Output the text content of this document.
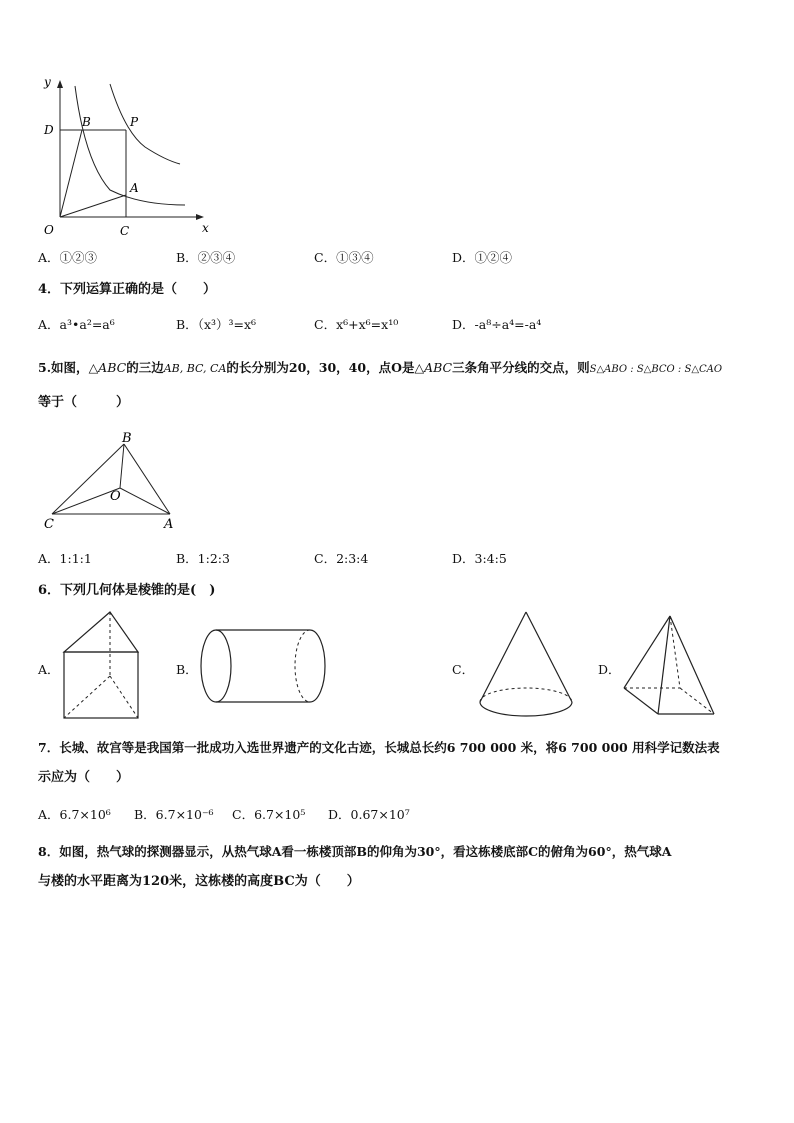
y
x
O
D
B	P
A
C
A．①②③	B．②③④	C．①③④	D．①②④
4．下列运算正确的是（　　）
A．a³•a²=a⁶	B．（x³）³=x⁶	C．x⁶+x⁶=x¹⁰	D．-a⁸÷a⁴=-a⁴
5.如图，△ABC的三边AB, BC, CA的长分别为20，30，40，点O是△ABC三条角平分线的交点，则S△ABO : S△BCO : S△CAO
等于（　　　）
B
O
C	A
A．1:1:1	B．1:2:3	C．2:3:4	D．3:4:5
6．下列几何体是棱锥的是(　)
A．	B．	C．	D．
7．长城、故宫等是我国第一批成功入选世界遗产的文化古迹，长城总长约6 700 000 米，将6 700 000 用科学记数法表
示应为（　　）
A．6.7×10⁶ B．6.7×10⁻⁶ C．6.7×10⁵ D．0.67×10⁷
8．如图，热气球的探测器显示，从热气球A看一栋楼顶部B的仰角为30°，看这栋楼底部C的俯角为60°，热气球A
与楼的水平距离为120米，这栋楼的高度BC为（　　）
